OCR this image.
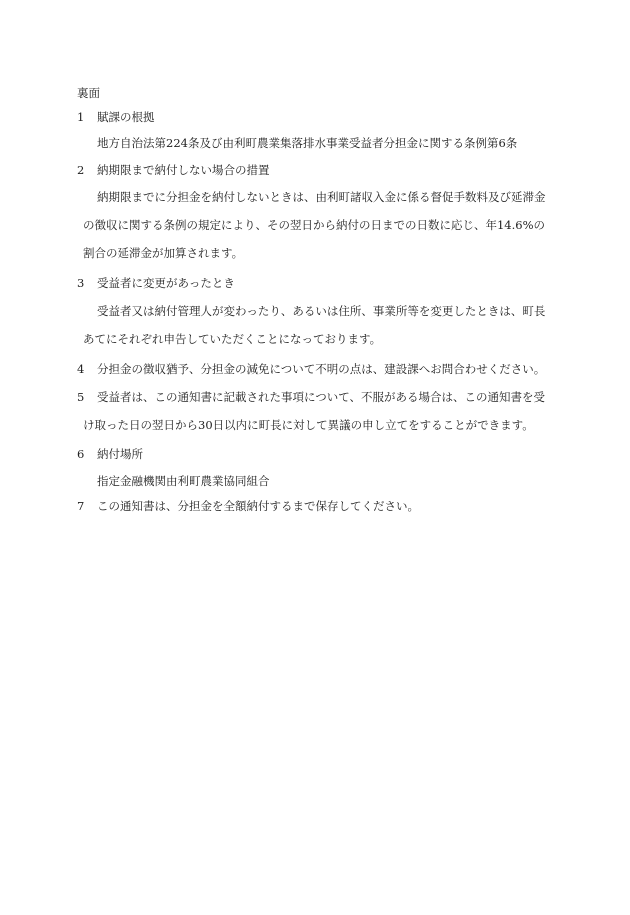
裏面
1 賦課の根拠
地方自治法第224条及び由利町農業集落排水事業受益者分担金に関する条例第6条
2 納期限まで納付しない場合の措置
納期限までに分担金を納付しないときは、由利町諸収入金に係る督促手数料及び延滞金
の徴収に関する条例の規定により、その翌日から納付の日までの日数に応じ、年14.6%の
割合の延滞金が加算されます。
3 受益者に変更があったとき
受益者又は納付管理人が変わったり、あるいは住所、事業所等を変更したときは、町長
あてにそれぞれ申告していただくことになっております。
4 分担金の徴収猶予、分担金の減免について不明の点は、建設課へお問合わせください。
5 受益者は、この通知書に記載された事項について、不服がある場合は、この通知書を受
け取った日の翌日から30日以内に町長に対して異議の申し立てをすることができます。
6 納付場所
指定金融機関由利町農業協同組合
7 この通知書は、分担金を全額納付するまで保存してください。
